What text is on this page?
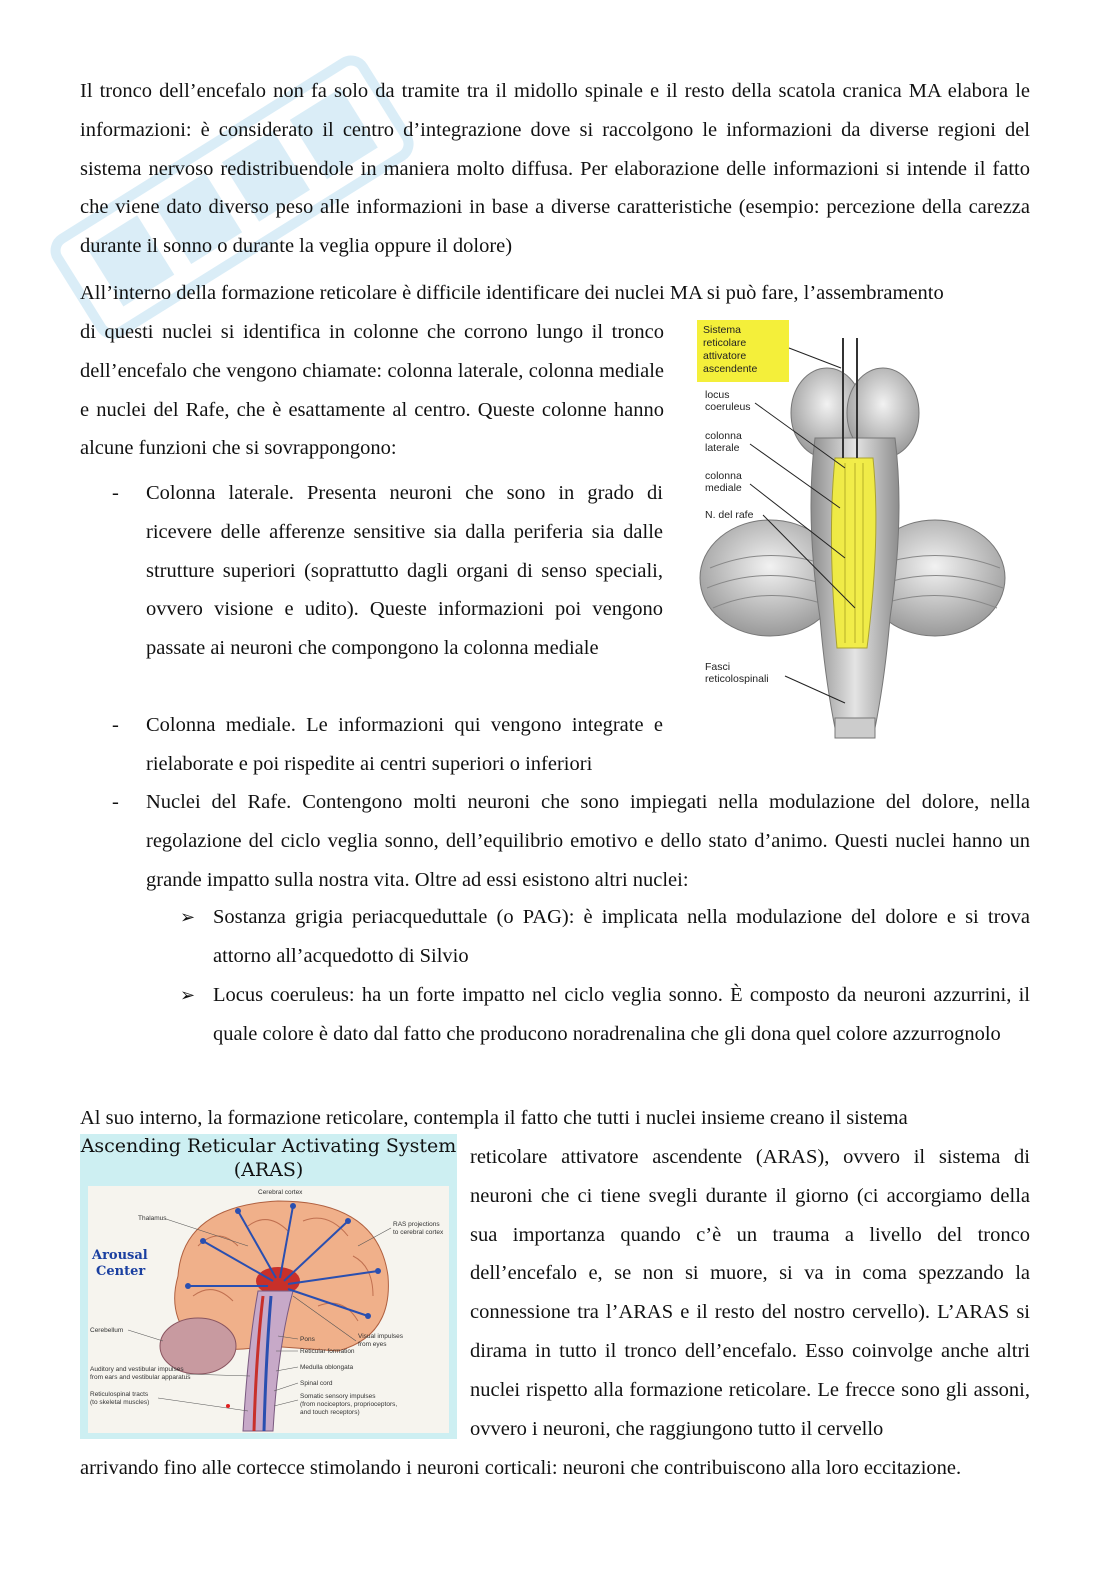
Il tronco dell’encefalo non fa solo da tramite tra il midollo spinale e il resto della scatola cranica MA elabora le informazioni: è considerato il centro d’integrazione dove si raccolgono le informazioni da diverse regioni del sistema nervoso redistribuendole in maniera molto diffusa. Per elaborazione delle informazioni si intende il fatto che viene dato diverso peso alle informazioni in base a diverse caratteristiche (esempio: percezione della carezza durante il sonno o durante la veglia oppure il dolore)
All’interno della formazione reticolare è difficile identificare dei nuclei MA si può fare, l’assembramento
di questi nuclei si identifica in colonne che corrono lungo il tronco dell’encefalo che vengono chiamate: colonna laterale, colonna mediale e nuclei del Rafe, che è esattamente al centro. Queste colonne hanno alcune funzioni che si sovrappongono:
- Colonna laterale. Presenta neuroni che sono in grado di ricevere delle afferenze sensitive sia dalla periferia sia dalle strutture superiori (soprattutto dagli organi di senso speciali, ovvero visione e udito). Queste informazioni poi vengono passate ai neuroni che compongono la colonna mediale
- Colonna mediale. Le informazioni qui vengono integrate e rielaborate e poi rispedite ai centri superiori o inferiori
- Nuclei del Rafe. Contengono molti neuroni che sono impiegati nella modulazione del dolore, nella regolazione del ciclo veglia sonno, dell’equilibrio emotivo e dello stato d’animo. Questi nuclei hanno un grande impatto sulla nostra vita. Oltre ad essi esistono altri nuclei:
➢ Sostanza grigia periacqueduttale (o PAG): è implicata nella modulazione del dolore e si trova attorno all’acquedotto di Silvio
➢ Locus coeruleus: ha un forte impatto nel ciclo veglia sonno. È composto da neuroni azzurrini, il quale colore è dato dal fatto che producono noradrenalina che gli dona quel colore azzurrognolo
Sistema
reticolare
attivatore
ascendente
locus
coeruleus
colonna
laterale
colonna
mediale
N. del rafe
Fasci
reticolospinali
Al suo interno, la formazione reticolare, contempla il fatto che tutti i nuclei insieme creano il sistema
Ascending Reticular Activating System
(ARAS)
Cerebral cortex
Thalamus
RAS projections
to cerebral cortex
Cerebellum
Visual impulses
from eyes
Pons
Reticular formation
Medulla oblongata
Spinal cord
Auditory and vestibular impulses
from ears and vestibular apparatus
Somatic sensory impulses
(from nociceptors, proprioceptors,
and touch receptors)
Reticulospinal tracts
(to skeletal muscles)
Arousal
Center
reticolare attivatore ascendente (ARAS), ovvero il sistema di neuroni che ci tiene svegli durante il giorno (ci accorgiamo della sua importanza quando c’è un trauma a livello del tronco dell’encefalo e, se non si muore, si va in coma spezzando la connessione tra l’ARAS e il resto del nostro cervello). L’ARAS si dirama in tutto il tronco dell’encefalo. Esso coinvolge anche altri nuclei rispetto alla formazione reticolare. Le frecce sono gli assoni, ovvero i neuroni, che raggiungono tutto il cervello
arrivando fino alle cortecce stimolando i neuroni corticali: neuroni che contribuiscono alla loro eccitazione.
